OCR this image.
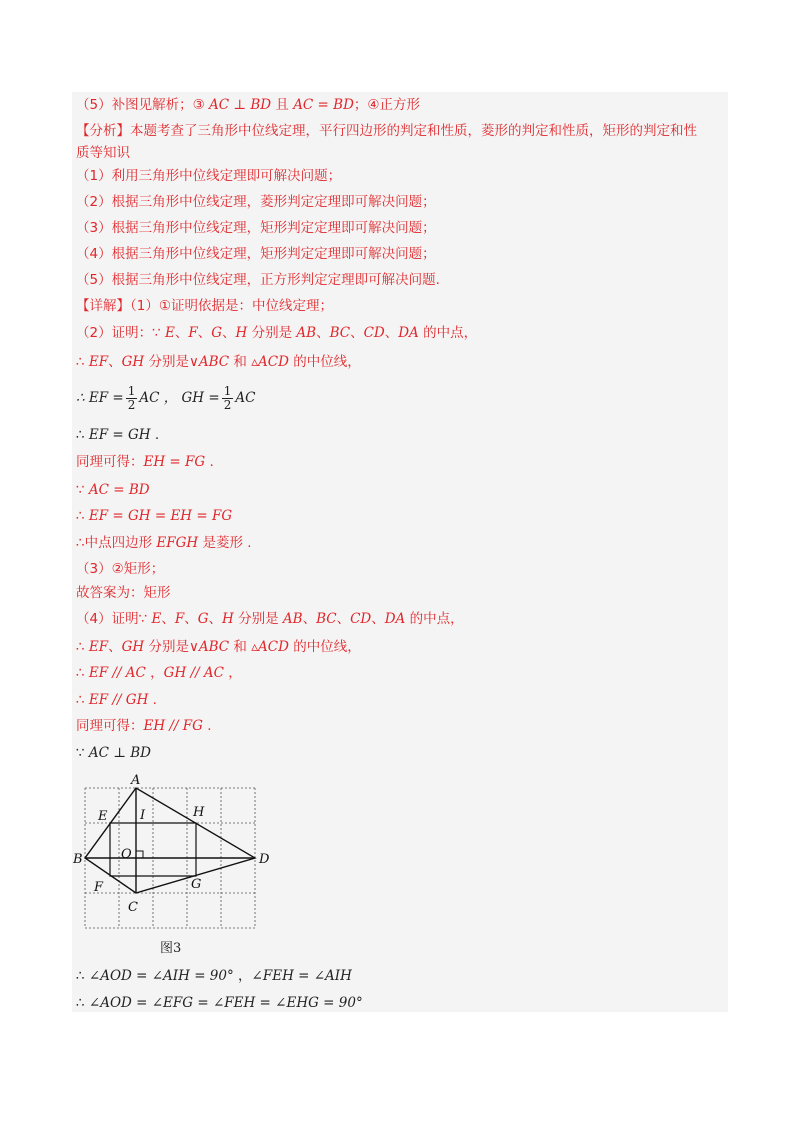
（5）补图见解析；③ AC ⊥ BD 且 AC = BD；④正方形
【分析】本题考查了三角形中位线定理，平行四边形的判定和性质，菱形的判定和性质，矩形的判定和性
质等知识
（1）利用三角形中位线定理即可解决问题；
（2）根据三角形中位线定理，菱形判定定理即可解决问题；
（3）根据三角形中位线定理，矩形判定定理即可解决问题；
（4）根据三角形中位线定理，矩形判定定理即可解决问题；
（5）根据三角形中位线定理，正方形判定定理即可解决问题.
【详解】（1）①证明依据是：中位线定理；
（2）证明：∵ E、F、G、H 分别是 AB、BC、CD、DA 的中点，
∴ EF、GH 分别是∨ABC 和 ▵ACD 的中位线，
∴ EF = $\frac{1}{2}$ AC ， GH = $\frac{1}{2}$ AC
∴ EF = GH .
同理可得：EH = FG .
∵ AC = BD
∴ EF = GH = EH = FG
∴中点四边形 EFGH 是菱形 .
（3）②矩形；
故答案为：矩形
（4）证明∵ E、F、G、H 分别是 AB、BC、CD、DA 的中点，
∴ EF、GH 分别是∨ABC 和 ▵ACD 的中位线，
∴ EF // AC ，GH // AC ，
∴ EF // GH .
同理可得：EH // FG .
∵ AC ⊥ BD
∴ ∠AOD = ∠AIH = 90° ，∠FEH = ∠AIH
∴ ∠AOD = ∠EFG = ∠FEH = ∠EHG = 90°
A
B
C
D
E
F	G
H
I
O
图3
